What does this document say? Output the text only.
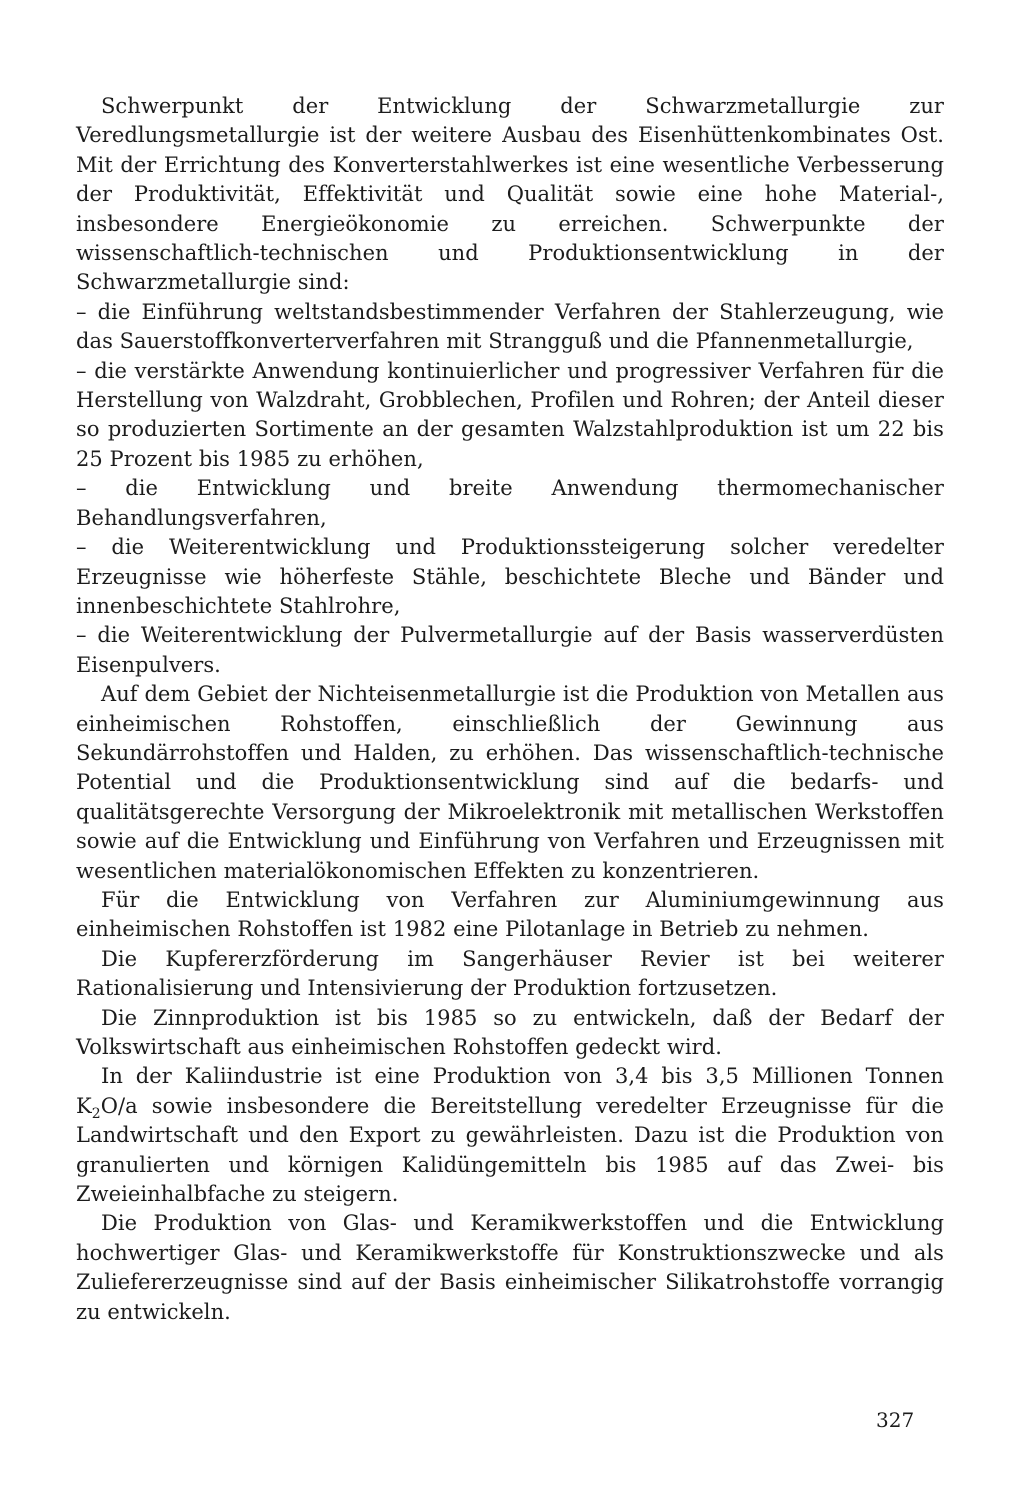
Schwerpunkt der Entwicklung der Schwarzmetallurgie zur Veredlungsmetallurgie ist der weitere Ausbau des Eisenhüttenkombinates Ost. Mit der Errichtung des Konverterstahlwerkes ist eine wesentliche Verbesserung der Produktivität, Effektivität und Qualität sowie eine hohe Material-, insbesondere Energieökonomie zu erreichen. Schwerpunkte der wissenschaftlich-technischen und Produktionsentwicklung in der Schwarzmetallurgie sind:

– die Einführung weltstandsbestimmender Verfahren der Stahlerzeugung, wie das Sauerstoffkonverterverfahren mit Strangguß und die Pfannenmetallurgie,

– die verstärkte Anwendung kontinuierlicher und progressiver Verfahren für die Herstellung von Walzdraht, Grobblechen, Profilen und Rohren; der Anteil dieser so produzierten Sortimente an der gesamten Walzstahlproduktion ist um 22 bis 25 Prozent bis 1985 zu erhöhen,

– die Entwicklung und breite Anwendung thermomechanischer Behandlungsverfahren,

– die Weiterentwicklung und Produktionssteigerung solcher veredelter Erzeugnisse wie höherfeste Stähle, beschichtete Bleche und Bänder und innenbeschichtete Stahlrohre,

– die Weiterentwicklung der Pulvermetallurgie auf der Basis wasserverdüsten Eisenpulvers.

Auf dem Gebiet der Nichteisenmetallurgie ist die Produktion von Metallen aus einheimischen Rohstoffen, einschließlich der Gewinnung aus Sekundärrohstoffen und Halden, zu erhöhen. Das wissenschaftlich-technische Potential und die Produktionsentwicklung sind auf die bedarfs- und qualitätsgerechte Versorgung der Mikroelektronik mit metallischen Werkstoffen sowie auf die Entwicklung und Einführung von Verfahren und Erzeugnissen mit wesentlichen materialökonomischen Effekten zu konzentrieren.

Für die Entwicklung von Verfahren zur Aluminiumgewinnung aus einheimischen Rohstoffen ist 1982 eine Pilotanlage in Betrieb zu nehmen.

Die Kupfererzförderung im Sangerhäuser Revier ist bei weiterer Rationalisierung und Intensivierung der Produktion fortzusetzen.

Die Zinnproduktion ist bis 1985 so zu entwickeln, daß der Bedarf der Volkswirtschaft aus einheimischen Rohstoffen gedeckt wird.

In der Kaliindustrie ist eine Produktion von 3,4 bis 3,5 Millionen Tonnen $K_2O/a$ sowie insbesondere die Bereitstellung veredelter Erzeugnisse für die Landwirtschaft und den Export zu gewährleisten. Dazu ist die Produktion von granulierten und körnigen Kalidüngemitteln bis 1985 auf das Zwei- bis Zweieinhalbfache zu steigern.

Die Produktion von Glas- und Keramikwerkstoffen und die Entwicklung hochwertiger Glas- und Keramikwerkstoffe für Konstruktionszwecke und als Zuliefererzeugnisse sind auf der Basis einheimischer Silikatrohstoffe vorrangig zu entwickeln.

327
